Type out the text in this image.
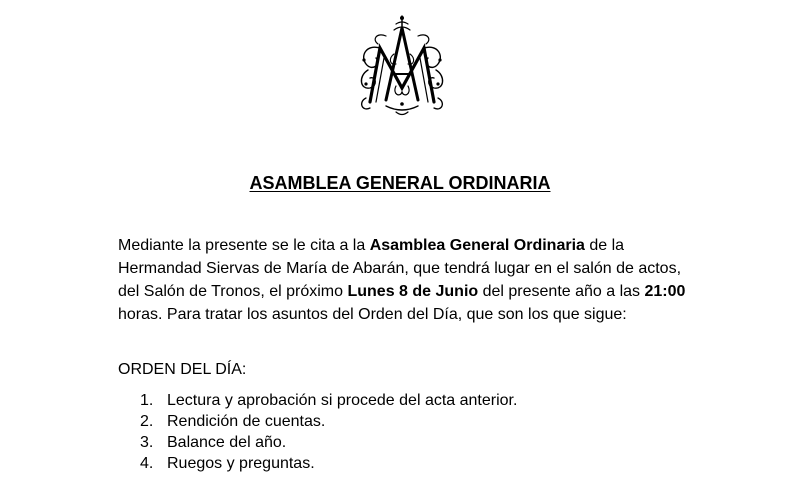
ASAMBLEA GENERAL ORDINARIA

Mediante la presente se le cita a la Asamblea General Ordinaria de la
Hermandad Siervas de María de Abarán, que tendrá lugar en el salón de actos,
del Salón de Tronos, el próximo Lunes 8 de Junio del presente año a las 21:00
horas. Para tratar los asuntos del Orden del Día, que son los que sigue:

ORDEN DEL DÍA:

1. Lectura y aprobación si procede del acta anterior.
2. Rendición de cuentas.
3. Balance del año.
4. Ruegos y preguntas.
